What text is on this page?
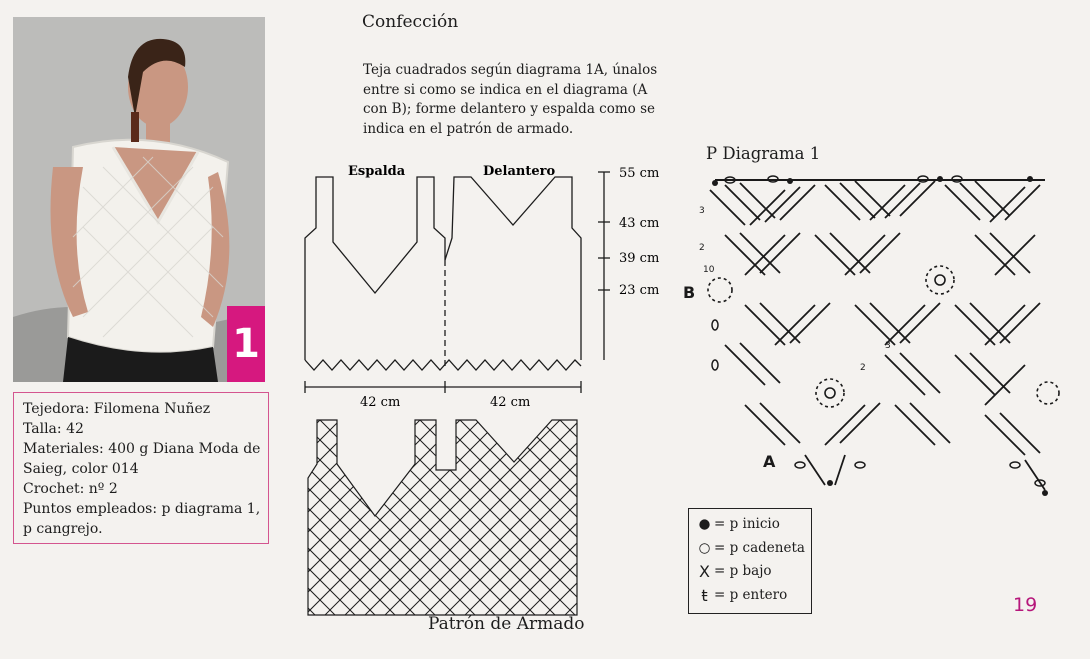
1
Tejedora: Filomena Nuñez
Talla: 42
Materiales: 400 g Diana Moda de
Saieg, color 014
Crochet: nº 2
Puntos empleados: p diagrama 1,
p cangrejo.
Confección
Teja cuadrados según diagrama 1A, únalos
entre si como se indica en el diagrama (A
con B); forme delantero y espalda como se
indica en el patrón de armado.
Espalda	Delantero	55 cm
43 cm
39 cm
23 cm
42 cm	42 cm
Patrón de Armado
P Diagrama 1
3
2
10
3
2
B
A
● = p inicio
○ = p cadeneta
X = p bajo
ŧ = p entero	19
